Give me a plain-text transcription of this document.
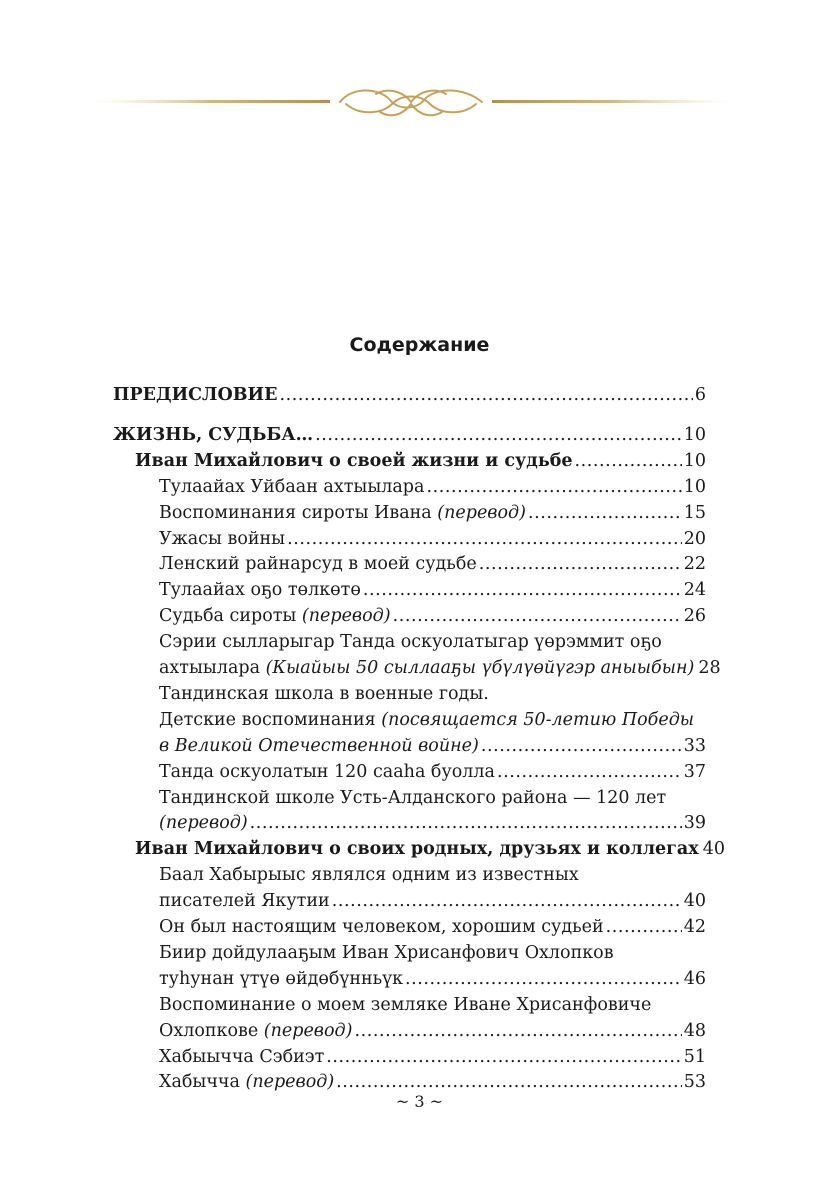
Содержание
ПРЕДИСЛОВИЕ . . .	6
ЖИЗНЬ, СУДЬБА… . . .	10
Иван Михайлович о своей жизни и судьбе . . .	10
Тулаайах Уйбаан ахтыылара . . .	10
Воспоминания сироты Ивана (перевод) . . .	15
Ужасы войны . . .	20
Ленский райнарсуд в моей судьбе . . .	22
Тулаайах оҕо төлкөтө . . .	24
Судьба сироты (перевод) . . .	26
Сэрии сылларыгар Танда оскуолатыгар үөрэммит оҕо
ахтыылара (Кыайыы 50 сыллааҕы үбүлүөйүгэр аныыбын) 28
Тандинская школа в военные годы.
Детские воспоминания (посвящается 50-летию Победы
в Великой Отечественной войне) . . .	33
Танда оскуолатын 120 сааһа буолла . . .	37
Тандинской школе Усть-Алданского района — 120 лет
(перевод) . . .	39
Иван Михайлович о своих родных, друзьях и коллегах 40
Баал Хабырыыс являлся одним из известных
писателей Якутии . . .	40
Он был настоящим человеком, хорошим судьей . . .	42
Биир дойдулааҕым Иван Хрисанфович Охлопков
туһунан үтүө өйдөбүнньүк . . .	46
Воспоминание о моем земляке Иване Хрисанфовиче
Охлопкове (перевод) . . .	48
Хабыычча Сэбиэт . . .	51
Хабычча (перевод) . . .	53
~ 3 ~
